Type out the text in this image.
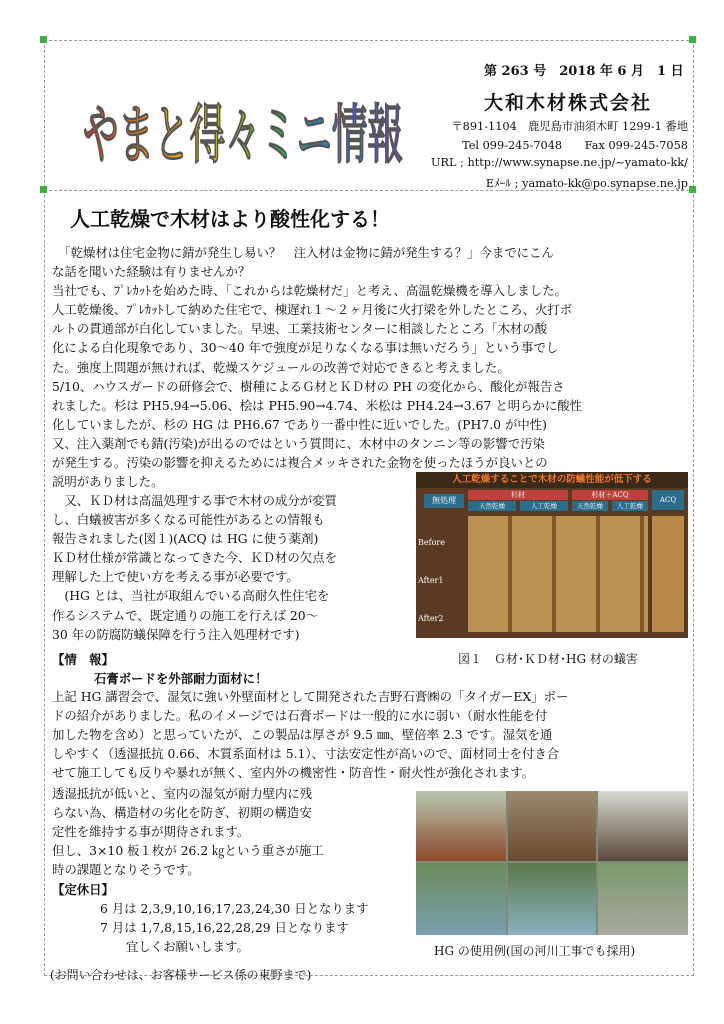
やまと得々ミニ情報
第 263 号　2018 年 6 月　1 日
大和木材株式会社
〒891-1104　鹿児島市油須木町 1299-1 番地
Tel 099-245-7048　　Fax 099-245-7058
URL ; http://www.synapse.ne.jp/~yamato-kk/
Eﾒｰﾙ ; yamato-kk@po.synapse.ne.jp
人工乾燥で木材はより酸性化する！

　「乾燥材は住宅金物に錆が発生し易い？　注入材は金物に錆が発生する？」今までにこん

な話を聞いた経験は有りませんか？

当社でも、ﾌﾟﾚｶｯﾄを始めた時、「これからは乾燥材だ」と考え、高温乾燥機を導入しました。

人工乾燥後、ﾌﾟﾚｶｯﾄして納めた住宅で、棟遅れ１～２ヶ月後に火打梁を外したところ、火打ボ

ルトの貫通部が白化していました。早速、工業技術センターに相談したところ「木材の酸

化による白化現象であり、30～40 年で強度が足りなくなる事は無いだろう」という事でし

た。強度上問題が無ければ、乾燥スケジュールの改善で対応できると考えました。

5/10、ハウスガードの研修会で、樹種によるＧ材とＫＤ材の PH の変化から、酸化が報告さ

れました。杉は PH5.94→5.06、桧は PH5.90→4.74、米松は PH4.24→3.67 と明らかに酸性

化していましたが、杉の HG は PH6.67 であり一番中性に近いでした。(PH7.0 が中性)

又、注入薬剤でも錆(汚染)が出るのではという質問に、木材中のタンニン等の影響で汚染

が発生する。汚染の影響を抑えるためには複合メッキされた金物を使ったほうが良いとの

説明がありました。

　又、ＫＤ材は高温処理する事で木材の成分が変質

し、白蟻被害が多くなる可能性があるとの情報も

報告されました(図１)(ACQ は HG に使う薬剤)

ＫＤ材仕様が常識となってきた今、ＫＤ材の欠点を

理解した上で使い方を考える事が必要です。

　(HG とは、当社が取組んでいる高耐久性住宅を

作るシステムで、既定通りの施工を行えば 20～

30 年の防腐防蟻保障を行う注入処理材です)

人工乾燥することで木材の防蟻性能が低下する
無処理
杉材	杉材＋ACQ
ACQ
天然乾燥	人工乾燥	天然乾燥	人工乾燥
Before
After1
After2
図１　Ｇ材･ＫＤ材･HG 材の蟻害
【情　報】
石膏ボードを外部耐力面材に！

上記 HG 講習会で、湿気に強い外壁面材として開発された吉野石膏㈱の「タイガーEX」ボー

ドの紹介がありました。私のイメージでは石膏ボードは一般的に水に弱い（耐水性能を付

加した物を含め）と思っていたが、この製品は厚さが 9.5 ㎜、壁倍率 2.3 です。湿気を通

しやすく（透湿抵抗 0.66、木質系面材は 5.1）、寸法安定性が高いので、面材同士を付き合

せて施工しても反りや暴れが無く、室内外の機密性・防音性・耐火性が強化されます。

透湿抵抗が低いと、室内の湿気が耐力壁内に残

らない為、構造材の劣化を防ぎ、初期の構造安

定性を維持する事が期待されます。

但し、3×10 板１枚が 26.2 ㎏という重さが施工

時の課題となりそうです。

HG の使用例(国の河川工事でも採用)
【定休日】

6 月は 2,3,9,10,16,17,23,24,30 日となります

7 月は 1,7,8,15,16,22,28,29 日となります

宜しくお願いします。

(お問い合わせは、お客様サービス係の東野まで)
